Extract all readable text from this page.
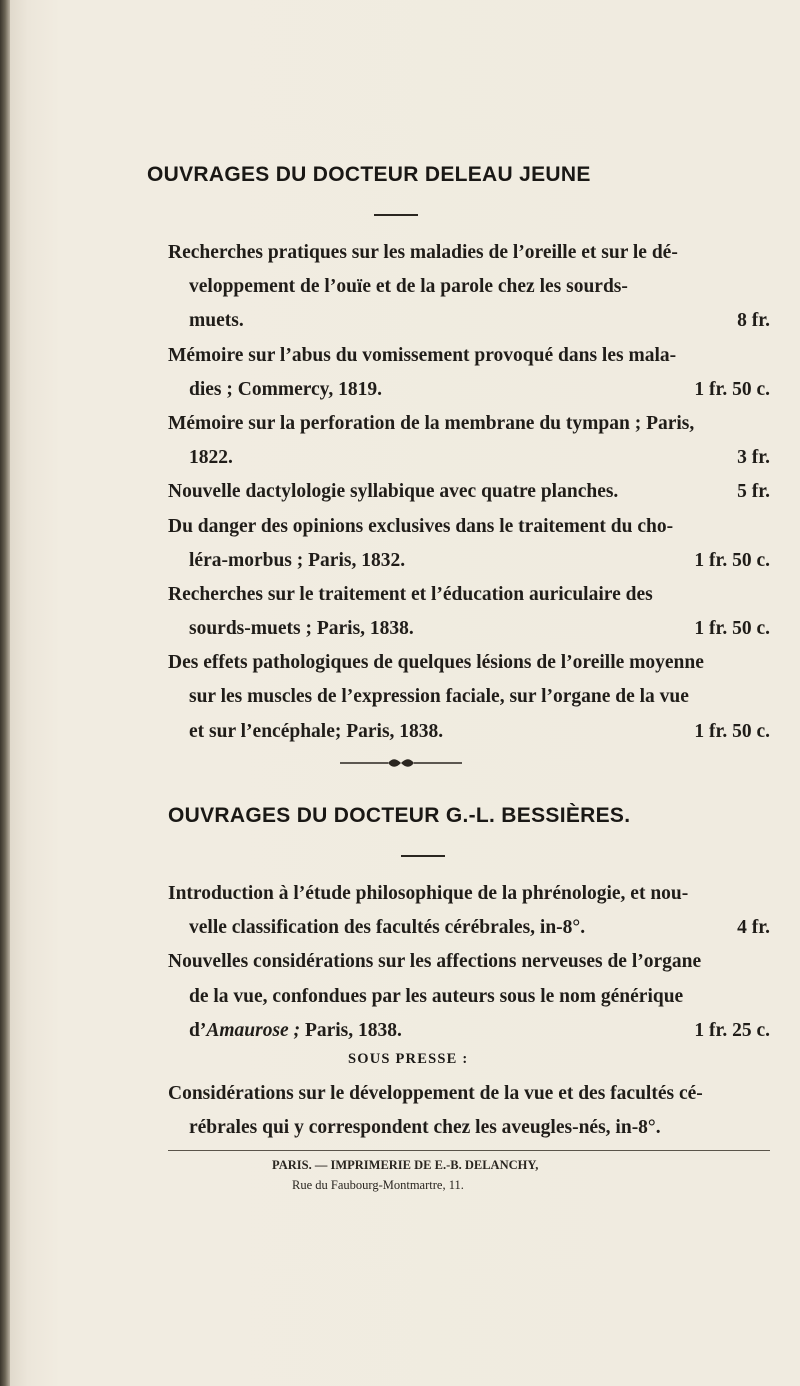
OUVRAGES DU DOCTEUR DELEAU JEUNE
Recherches pratiques sur les maladies de l’oreille et sur le dé-
veloppement de l’ouïe et de la parole chez les sourds-
muets.	8 fr.
Mémoire sur l’abus du vomissement provoqué dans les mala-
dies ; Commercy, 1819.	1 fr. 50 c.
Mémoire sur la perforation de la membrane du tympan ; Paris,
1822.	3 fr.
Nouvelle dactylologie syllabique avec quatre planches.	5 fr.
Du danger des opinions exclusives dans le traitement du cho-
léra-morbus ; Paris, 1832.	1 fr. 50 c.
Recherches sur le traitement et l’éducation auriculaire des
sourds-muets ; Paris, 1838.	1 fr. 50 c.
Des effets pathologiques de quelques lésions de l’oreille moyenne
sur les muscles de l’expression faciale, sur l’organe de la vue
et sur l’encéphale; Paris, 1838.	1 fr. 50 c.
OUVRAGES DU DOCTEUR G.-L. BESSIÈRES.
Introduction à l’étude philosophique de la phrénologie, et nou-
velle classification des facultés cérébrales, in-8°.	4 fr.
Nouvelles considérations sur les affections nerveuses de l’organe
de la vue, confondues par les auteurs sous le nom générique
d’Amaurose ; Paris, 1838.	1 fr. 25 c.
SOUS PRESSE :
Considérations sur le développement de la vue et des facultés cé-
rébrales qui y correspondent chez les aveugles-nés, in-8°.
PARIS. — IMPRIMERIE DE E.-B. DELANCHY,
Rue du Faubourg-Montmartre, 11.
